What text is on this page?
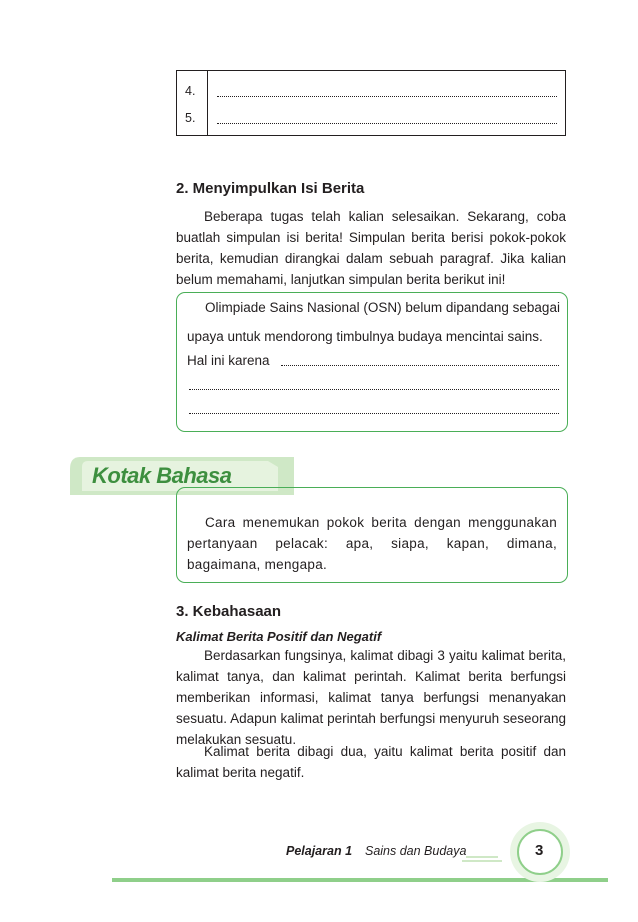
4.
5.
2. Menyimpulkan Isi Berita
Beberapa tugas telah kalian selesaikan. Sekarang, coba buatlah simpulan isi berita! Simpulan berita berisi pokok-pokok berita, kemudian dirangkai dalam sebuah paragraf. Jika kalian belum memahami, lanjutkan simpulan berita berikut ini!
Olimpiade Sains Nasional (OSN) belum dipandang sebagai
upaya untuk mendorong timbulnya budaya mencintai sains.
Hal ini karena
Kotak Bahasa
Cara menemukan pokok berita dengan menggunakan pertanyaan pelacak: apa, siapa, kapan, dimana, bagaimana, mengapa.
3. Kebahasaan
Kalimat Berita Positif dan Negatif
Berdasarkan fungsinya, kalimat dibagi 3 yaitu kalimat berita, kalimat tanya, dan kalimat perintah. Kalimat berita berfungsi memberikan informasi, kalimat tanya berfungsi menanyakan sesuatu. Adapun kalimat perintah berfungsi menyuruh seseorang melakukan sesuatu.
Kalimat berita dibagi dua, yaitu kalimat berita positif dan kalimat berita negatif.
Pelajaran 1 Sains dan Budaya	3
